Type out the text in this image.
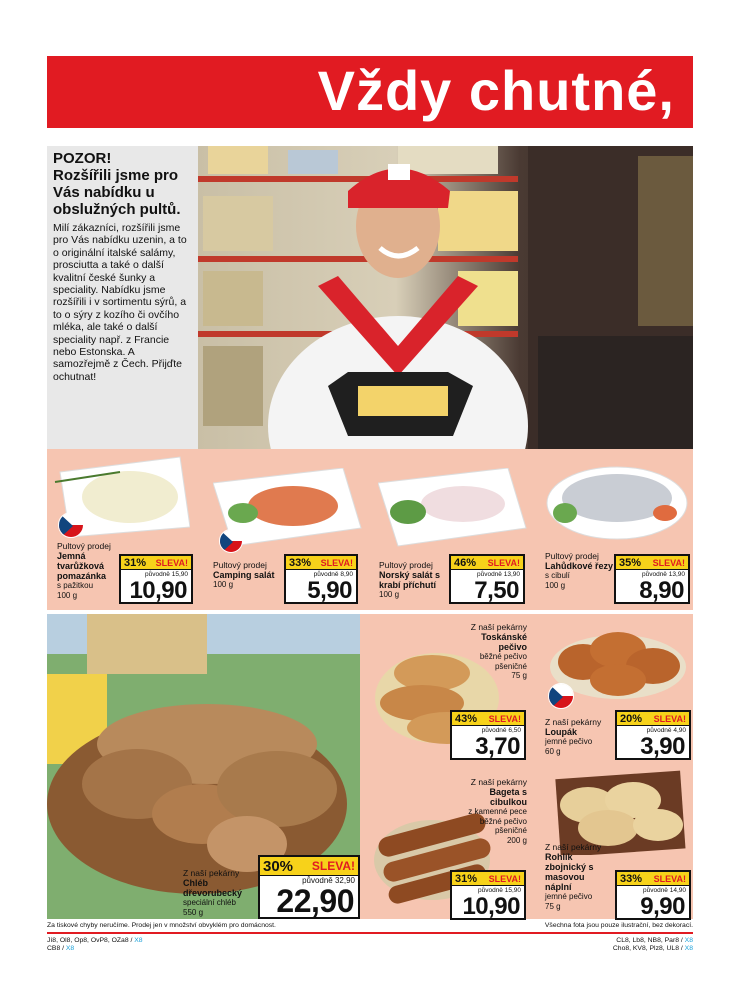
Vždy chutné,
POZOR!
Rozšířili jsme pro Vás nabídku u obslužných pultů.
Milí zákazníci, rozšířili jsme pro Vás nabídku uzenin, a to o originální italské salámy, prosciutta a také o další kvalitní české šunky a speciality. Nabídku jsme rozšířili i v sortimentu sýrů, a to o sýry z kozího či ovčího mléka, ale také o další speciality např. z Francie nebo Estonska. A samozřejmě z Čech. Přijďte ochutnat!
Pultový prodej
Jemná tvarůžková pomazánka
s pažitkou
100 g
31% SLEVA!
původně 15,90
10,90
Pultový prodej
Camping salát
100 g
33% SLEVA!
původně 8,90
5,90
Pultový prodej
Norský salát s krabí příchutí
100 g
46% SLEVA!
původně 13,90
7,50
Pultový prodej
Lahůdkové řezy
s cibulí
100 g
35% SLEVA!
původně 13,90
8,90
Z naší pekárny
Chléb dřevorubecký
speciální chléb
550 g
30% SLEVA!
původně 32,90
22,90
Z naší pekárny
Toskánské pečivo
běžné pečivo pšeničné
75 g
43% SLEVA!
původně 6,50
3,70
Z naší pekárny
Loupák
jemné pečivo
60 g
20% SLEVA!
původně 4,90
3,90
Z naší pekárny
Bageta s cibulkou
z kamenné pece běžné pečivo pšeničné
200 g
31% SLEVA!
původně 15,90
10,90
Z naší pekárny
Rohlík zbojnický s masovou náplní
jemné pečivo
75 g
33% SLEVA!
původně 14,90
9,90
Za tiskové chyby neručíme. Prodej jen v množství obvyklém pro domácnost.	Všechna fota jsou pouze ilustrační, bez dekorací.
Jí8, Ol8, Op8, OvP8, OZa8 / X8
CB8 / X8
CL8, Lb8, NB8, Par8 / X8
Cho8, KV8, Plz8, UL8 / X8
